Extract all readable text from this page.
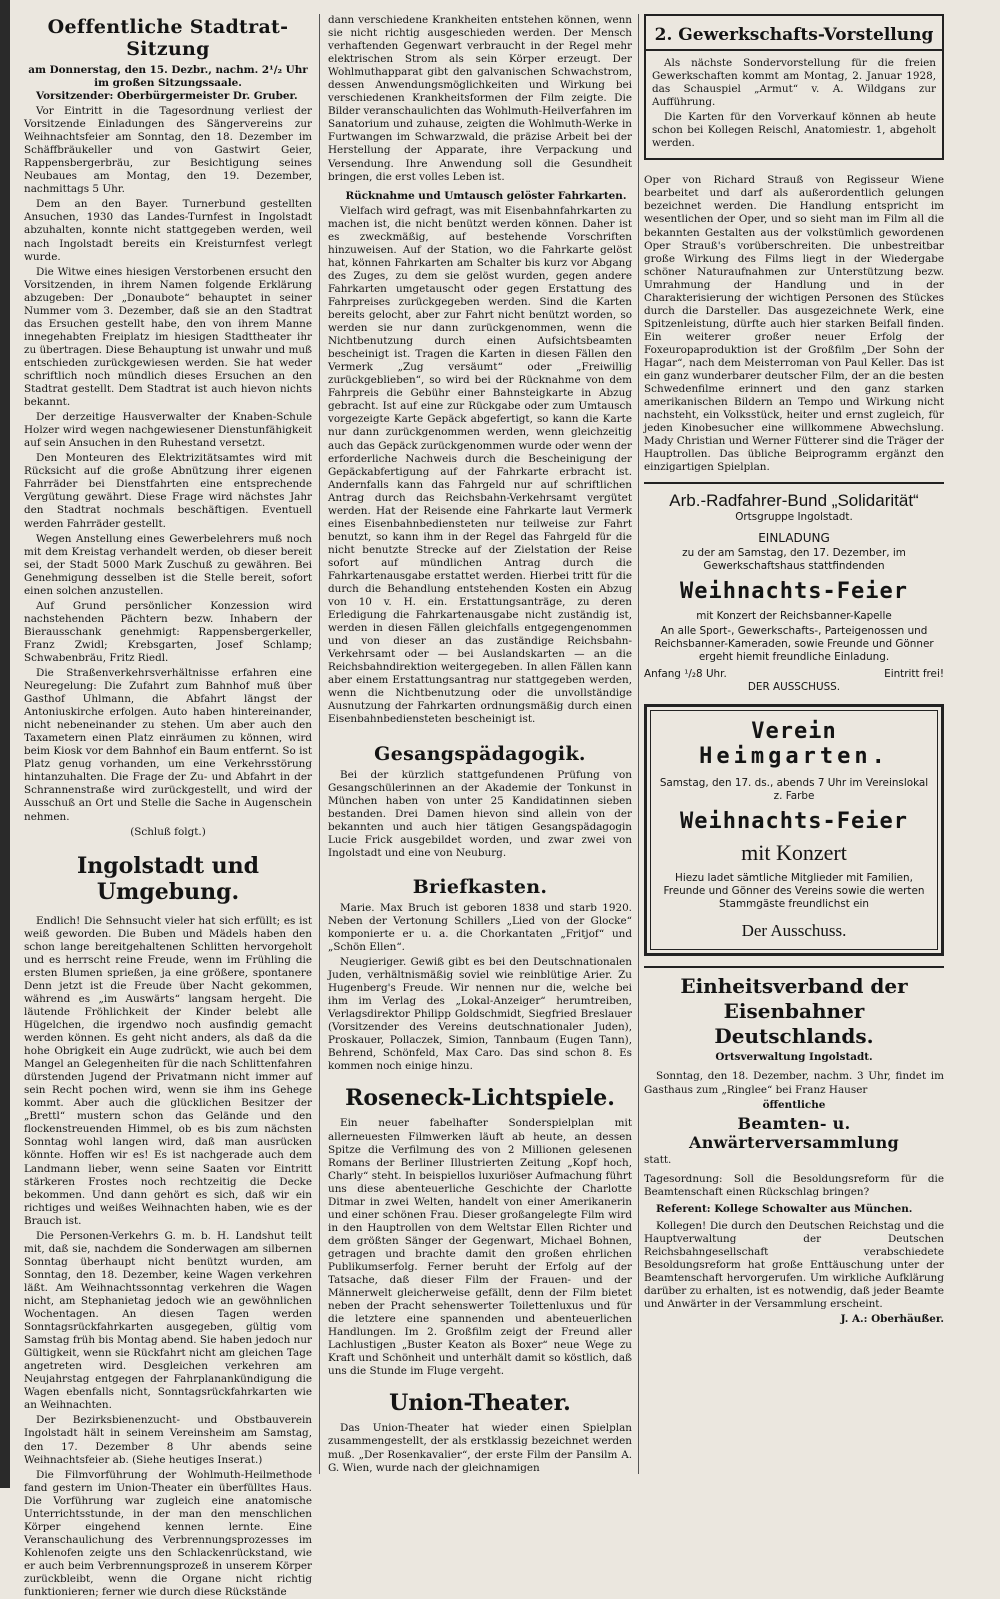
Oeffentliche Stadtrat-Sitzung
am Donnerstag, den 15. Dezbr., nachm. 2¹/₂ Uhr
im großen Sitzungssaale.

Vorsitzender: Oberbürgermeister Dr. Gruber.

Vor Eintritt in die Tagesordnung verliest der Vorsitzende Einladungen des Sängervereins zur Weihnachtsfeier am Sonntag, den 18. Dezember im Schäffbräukeller und von Gastwirt Geier, Rappensbergerbräu, zur Besichtigung seines Neubaues am Montag, den 19. Dezember, nachmittags 5 Uhr.

Dem an den Bayer. Turnerbund gestellten Ansuchen, 1930 das Landes-Turnfest in Ingolstadt abzuhalten, konnte nicht stattgegeben werden, weil nach Ingolstadt bereits ein Kreisturnfest verlegt wurde.

Die Witwe eines hiesigen Verstorbenen ersucht den Vorsitzenden, in ihrem Namen folgende Erklärung abzugeben: Der „Donaubote“ behauptet in seiner Nummer vom 3. Dezember, daß sie an den Stadtrat das Ersuchen gestellt habe, den von ihrem Manne innegehabten Freiplatz im hiesigen Stadttheater ihr zu übertragen. Diese Behauptung ist unwahr und muß entschieden zurückgewiesen werden. Sie hat weder schriftlich noch mündlich dieses Ersuchen an den Stadtrat gestellt. Dem Stadtrat ist auch hievon nichts bekannt.

Der derzeitige Hausverwalter der Knaben-Schule Holzer wird wegen nachgewiesener Dienstunfähigkeit auf sein Ansuchen in den Ruhestand versetzt.

Den Monteuren des Elektrizitätsamtes wird mit Rücksicht auf die große Abnützung ihrer eigenen Fahrräder bei Dienstfahrten eine entsprechende Vergütung gewährt. Diese Frage wird nächstes Jahr den Stadtrat nochmals beschäftigen. Eventuell werden Fahrräder gestellt.

Wegen Anstellung eines Gewerbelehrers muß noch mit dem Kreistag verhandelt werden, ob dieser bereit sei, der Stadt 5000 Mark Zuschuß zu gewähren. Bei Genehmigung desselben ist die Stelle bereit, sofort einen solchen anzustellen.

Auf Grund persönlicher Konzession wird nachstehenden Pächtern bezw. Inhabern der Bierausschank genehmigt: Rappensbergerkeller, Franz Zwidl; Krebsgarten, Josef Schlamp; Schwabenbräu, Fritz Riedl.

Die Straßenverkehrsverhältnisse erfahren eine Neuregelung: Die Zufahrt zum Bahnhof muß über Gasthof Uhlmann, die Abfahrt längst der Antoniuskirche erfolgen. Auto haben hintereinander, nicht nebeneinander zu stehen. Um aber auch den Taxametern einen Platz einräumen zu können, wird beim Kiosk vor dem Bahnhof ein Baum entfernt. So ist Platz genug vorhanden, um eine Verkehrsstörung hintanzuhalten. Die Frage der Zu- und Abfahrt in der Schrannenstraße wird zurückgestellt, und wird der Ausschuß an Ort und Stelle die Sache in Augenschein nehmen.

(Schluß folgt.)

Ingolstadt und Umgebung.

Endlich! Die Sehnsucht vieler hat sich erfüllt; es ist weiß geworden. Die Buben und Mädels haben den schon lange bereitgehaltenen Schlitten hervorgeholt und es herrscht reine Freude, wenn im Frühling die ersten Blumen sprießen, ja eine größere, spontanere Denn jetzt ist die Freude über Nacht gekommen, während es „im Auswärts“ langsam hergeht. Die läutende Fröhlichkeit der Kinder belebt alle Hügelchen, die irgendwo noch ausfindig gemacht werden können. Es geht nicht anders, als daß da die hohe Obrigkeit ein Auge zudrückt, wie auch bei dem Mangel an Gelegenheiten für die nach Schlittenfahren dürstenden Jugend der Privatmann nicht immer auf sein Recht pochen wird, wenn sie ihm ins Gehege kommt. Aber auch die glücklichen Besitzer der „Brettl“ mustern schon das Gelände und den flockenstreuenden Himmel, ob es bis zum nächsten Sonntag wohl langen wird, daß man ausrücken könnte. Hoffen wir es! Es ist nachgerade auch dem Landmann lieber, wenn seine Saaten vor Eintritt stärkeren Frostes noch rechtzeitig die Decke bekommen. Und dann gehört es sich, daß wir ein richtiges und weißes Weihnachten haben, wie es der Brauch ist.

Die Personen-Verkehrs G. m. b. H. Landshut teilt mit, daß sie, nachdem die Sonderwagen am silbernen Sonntag überhaupt nicht benützt wurden, am Sonntag, den 18. Dezember, keine Wagen verkehren läßt. Am Weihnachtssonntag verkehren die Wagen nicht, am Stephanietag jedoch wie an gewöhnlichen Wochentagen. An diesen Tagen werden Sonntagsrückfahrkarten ausgegeben, gültig vom Samstag früh bis Montag abend. Sie haben jedoch nur Gültigkeit, wenn sie Rückfahrt nicht am gleichen Tage angetreten wird. Desgleichen verkehren am Neujahrstag entgegen der Fahrplanankündigung die Wagen ebenfalls nicht, Sonntagsrückfahrkarten wie an Weihnachten.

Der Bezirksbienenzucht- und Obstbauverein Ingolstadt hält in seinem Vereinsheim am Samstag, den 17. Dezember 8 Uhr abends seine Weihnachtsfeier ab. (Siehe heutiges Inserat.)

Die Filmvorführung der Wohlmuth-Heilmethode fand gestern im Union-Theater ein überfülltes Haus. Die Vorführung war zugleich eine anatomische Unterrichtsstunde, in der man den menschlichen Körper eingehend kennen lernte. Eine Veranschaulichung des Verbrennungsprozesses im Kohlenofen zeigte uns den Schlackenrückstand, wie er auch beim Verbrennungsprozeß in unserem Körper zurückbleibt, wenn die Organe nicht richtig funktionieren; ferner wie durch diese Rückstände

dann verschiedene Krankheiten entstehen können, wenn sie nicht richtig ausgeschieden werden. Der Mensch verhaftenden Gegenwart verbraucht in der Regel mehr elektrischen Strom als sein Körper erzeugt. Der Wohlmuthapparat gibt den galvanischen Schwachstrom, dessen Anwendungsmöglichkeiten und Wirkung bei verschiedenen Krankheitsformen der Film zeigte. Die Bilder veranschaulichten das Wohlmuth-Heilverfahren im Sanatorium und zuhause, zeigten die Wohlmuth-Werke in Furtwangen im Schwarzwald, die präzise Arbeit bei der Herstellung der Apparate, ihre Verpackung und Versendung. Ihre Anwendung soll die Gesundheit bringen, die erst volles Leben ist.

Rücknahme und Umtausch gelöster Fahrkarten.

Vielfach wird gefragt, was mit Eisenbahnfahrkarten zu machen ist, die nicht benützt werden können. Daher ist es zweckmäßig, auf bestehende Vorschriften hinzuweisen. Auf der Station, wo die Fahrkarte gelöst hat, können Fahrkarten am Schalter bis kurz vor Abgang des Zuges, zu dem sie gelöst wurden, gegen andere Fahrkarten umgetauscht oder gegen Erstattung des Fahrpreises zurückgegeben werden. Sind die Karten bereits gelocht, aber zur Fahrt nicht benützt worden, so werden sie nur dann zurückgenommen, wenn die Nichtbenutzung durch einen Aufsichtsbeamten bescheinigt ist. Tragen die Karten in diesen Fällen den Vermerk „Zug versäumt“ oder „Freiwillig zurückgeblieben“, so wird bei der Rücknahme von dem Fahrpreis die Gebühr einer Bahnsteigkarte in Abzug gebracht. Ist auf eine zur Rückgabe oder zum Umtausch vorgezeigte Karte Gepäck abgefertigt, so kann die Karte nur dann zurückgenommen werden, wenn gleichzeitig auch das Gepäck zurückgenommen wurde oder wenn der erforderliche Nachweis durch die Bescheinigung der Gepäckabfertigung auf der Fahrkarte erbracht ist. Andernfalls kann das Fahrgeld nur auf schriftlichen Antrag durch das Reichsbahn-Verkehrsamt vergütet werden. Hat der Reisende eine Fahrkarte laut Vermerk eines Eisenbahnbediensteten nur teilweise zur Fahrt benutzt, so kann ihm in der Regel das Fahrgeld für die nicht benutzte Strecke auf der Zielstation der Reise sofort auf mündlichen Antrag durch die Fahrkartenausgabe erstattet werden. Hierbei tritt für die durch die Behandlung entstehenden Kosten ein Abzug von 10 v. H. ein. Erstattungsanträge, zu deren Erledigung die Fahrkartenausgabe nicht zuständig ist, werden in diesen Fällen gleichfalls entgegengenommen und von dieser an das zuständige Reichsbahn-Verkehrsamt oder — bei Auslandskarten — an die Reichsbahndirektion weitergegeben. In allen Fällen kann aber einem Erstattungsantrag nur stattgegeben werden, wenn die Nichtbenutzung oder die unvollständige Ausnutzung der Fahrkarten ordnungsmäßig durch einen Eisenbahnbediensteten bescheinigt ist.

Gesangspädagogik.

Bei der kürzlich stattgefundenen Prüfung von Gesangschülerinnen an der Akademie der Tonkunst in München haben von unter 25 Kandidatinnen sieben bestanden. Drei Damen hievon sind allein von der bekannten und auch hier tätigen Gesangspädagogin Lucie Frick ausgebildet worden, und zwar zwei von Ingolstadt und eine von Neuburg.

Briefkasten.

Marie. Max Bruch ist geboren 1838 und starb 1920. Neben der Vertonung Schillers „Lied von der Glocke“ komponierte er u. a. die Chorkantaten „Fritjof“ und „Schön Ellen“.

Neugieriger. Gewiß gibt es bei den Deutschnationalen Juden, verhältnismäßig soviel wie reinblütige Arier. Zu Hugenberg's Freude. Wir nennen nur die, welche bei ihm im Verlag des „Lokal-Anzeiger“ herumtreiben, Verlagsdirektor Philipp Goldschmidt, Siegfried Breslauer (Vorsitzender des Vereins deutschnationaler Juden), Proskauer, Pollaczek, Simion, Tannbaum (Eugen Tann), Behrend, Schönfeld, Max Caro. Das sind schon 8. Es kommen noch einige hinzu.

Roseneck-Lichtspiele.

Ein neuer fabelhafter Sonderspielplan mit allerneuesten Filmwerken läuft ab heute, an dessen Spitze die Verfilmung des von 2 Millionen gelesenen Romans der Berliner Illustrierten Zeitung „Kopf hoch, Charly“ steht. In beispiellos luxuriöser Aufmachung führt uns diese abenteuerliche Geschichte der Charlotte Ditmar in zwei Welten, handelt von einer Amerikanerin und einer schönen Frau. Dieser großangelegte Film wird in den Hauptrollen von dem Weltstar Ellen Richter und dem größten Sänger der Gegenwart, Michael Bohnen, getragen und brachte damit den großen ehrlichen Publikumserfolg. Ferner beruht der Erfolg auf der Tatsache, daß dieser Film der Frauen- und der Männerwelt gleicherweise gefällt, denn der Film bietet neben der Pracht sehenswerter Toilettenluxus und für die letztere eine spannenden und abenteuerlichen Handlungen. Im 2. Großfilm zeigt der Freund aller Lachlustigen „Buster Keaton als Boxer“ neue Wege zu Kraft und Schönheit und unterhält damit so köstlich, daß uns die Stunde im Fluge vergeht.

Union-Theater.

Das Union-Theater hat wieder einen Spielplan zusammengestellt, der als erstklassig bezeichnet werden muß. „Der Rosenkavalier“, der erste Film der Pansilm A. G. Wien, wurde nach der gleichnamigen

2. Gewerkschafts-Vorstellung

Als nächste Sondervorstellung für die freien Gewerkschaften kommt am Montag, 2. Januar 1928, das Schauspiel „Armut“ v. A. Wildgans zur Aufführung.

Die Karten für den Vorverkauf können ab heute schon bei Kollegen Reischl, Anatomiestr. 1, abgeholt werden.

Oper von Richard Strauß von Regisseur Wiene bearbeitet und darf als außerordentlich gelungen bezeichnet werden. Die Handlung entspricht im wesentlichen der Oper, und so sieht man im Film all die bekannten Gestalten aus der volkstümlich gewordenen Oper Strauß's vorüberschreiten. Die unbestreitbar große Wirkung des Films liegt in der Wiedergabe schöner Naturaufnahmen zur Unterstützung bezw. Umrahmung der Handlung und in der Charakterisierung der wichtigen Personen des Stückes durch die Darsteller. Das ausgezeichnete Werk, eine Spitzenleistung, dürfte auch hier starken Beifall finden. Ein weiterer großer neuer Erfolg der Foxeuropaproduktion ist der Großfilm „Der Sohn der Hagar“, nach dem Meisterroman von Paul Keller. Das ist ein ganz wunderbarer deutscher Film, der an die besten Schwedenfilme erinnert und den ganz starken amerikanischen Bildern an Tempo und Wirkung nicht nachsteht, ein Volksstück, heiter und ernst zugleich, für jeden Kinobesucher eine willkommene Abwechslung. Mady Christian und Werner Fütterer sind die Träger der Hauptrollen. Das übliche Beiprogramm ergänzt den einzigartigen Spielplan.

Arb.-Radfahrer-Bund „Solidarität“

Ortsgruppe Ingolstadt.

EINLADUNG

zu der am Samstag, den 17. Dezember, im Gewerkschaftshaus stattfindenden

Weihnachts-Feier

mit Konzert der Reichsbanner-Kapelle

An alle Sport-, Gewerkschafts-, Parteigenossen und Reichsbanner-Kameraden, sowie Freunde und Gönner ergeht hiemit freundliche Einladung.

Anfang ¹/₂8 Uhr.	Eintritt frei!

DER AUSSCHUSS.

Verein
Heimgarten.

Samstag, den 17. ds., abends 7 Uhr im Vereinslokal z. Farbe

Weihnachts-Feier
mit Konzert

Hiezu ladet sämtliche Mitglieder mit Familien, Freunde und Gönner des Vereins sowie die werten Stammgäste freundlichst ein

Der Ausschuss.
Einheitsverband der Eisenbahner Deutschlands.

Ortsverwaltung Ingolstadt.

Sonntag, den 18. Dezember, nachm. 3 Uhr, findet im Gasthaus zum „Ringlee“ bei Franz Hauser

öffentliche

Beamten- u. Anwärterversammlung

statt.

Tagesordnung: Soll die Besoldungsreform für die Beamtenschaft einen Rückschlag bringen?

Referent: Kollege Schowalter aus München.

Kollegen! Die durch den Deutschen Reichstag und die Hauptverwaltung der Deutschen Reichsbahngesellschaft verabschiedete Besoldungsreform hat große Enttäuschung unter der Beamtenschaft hervorgerufen. Um wirkliche Aufklärung darüber zu erhalten, ist es notwendig, daß jeder Beamte und Anwärter in der Versammlung erscheint.

J. A.: Oberhäußer.
